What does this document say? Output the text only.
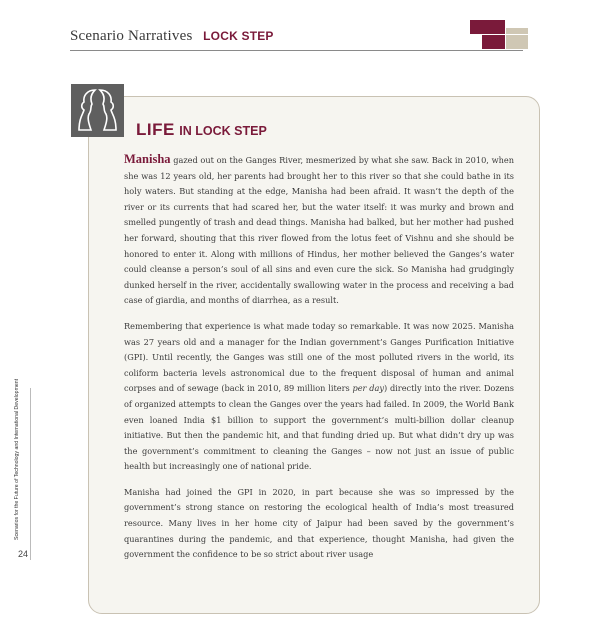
Scenario Narratives LOCK STEP
Scenarios for the Future of Technology and International Development
24
LIFE IN LOCK STEP

Manisha gazed out on the Ganges River, mesmerized by what she saw. Back in 2010, when she was 12 years old, her parents had brought her to this river so that she could bathe in its holy waters. But standing at the edge, Manisha had been afraid. It wasn’t the depth of the river or its currents that had scared her, but the water itself: it was murky and brown and smelled pungently of trash and dead things. Manisha had balked, but her mother had pushed her forward, shouting that this river flowed from the lotus feet of Vishnu and she should be honored to enter it. Along with millions of Hindus, her mother believed the Ganges’s water could cleanse a person’s soul of all sins and even cure the sick. So Manisha had grudgingly dunked herself in the river, accidentally swallowing water in the process and receiving a bad case of giardia, and months of diarrhea, as a result.

Remembering that experience is what made today so remarkable. It was now 2025. Manisha was 27 years old and a manager for the Indian government’s Ganges Purification Initiative (GPI). Until recently, the Ganges was still one of the most polluted rivers in the world, its coliform bacteria levels astronomical due to the frequent disposal of human and animal corpses and of sewage (back in 2010, 89 million liters per day) directly into the river. Dozens of organized attempts to clean the Ganges over the years had failed. In 2009, the World Bank even loaned India $1 billion to support the government’s multi-billion dollar cleanup initiative. But then the pandemic hit, and that funding dried up. But what didn’t dry up was the government’s commitment to cleaning the Ganges – now not just an issue of public health but increasingly one of national pride.

Manisha had joined the GPI in 2020, in part because she was so impressed by the government’s strong stance on restoring the ecological health of India’s most treasured resource. Many lives in her home city of Jaipur had been saved by the government’s quarantines during the pandemic, and that experience, thought Manisha, had given the government the confidence to be so strict about river usage
